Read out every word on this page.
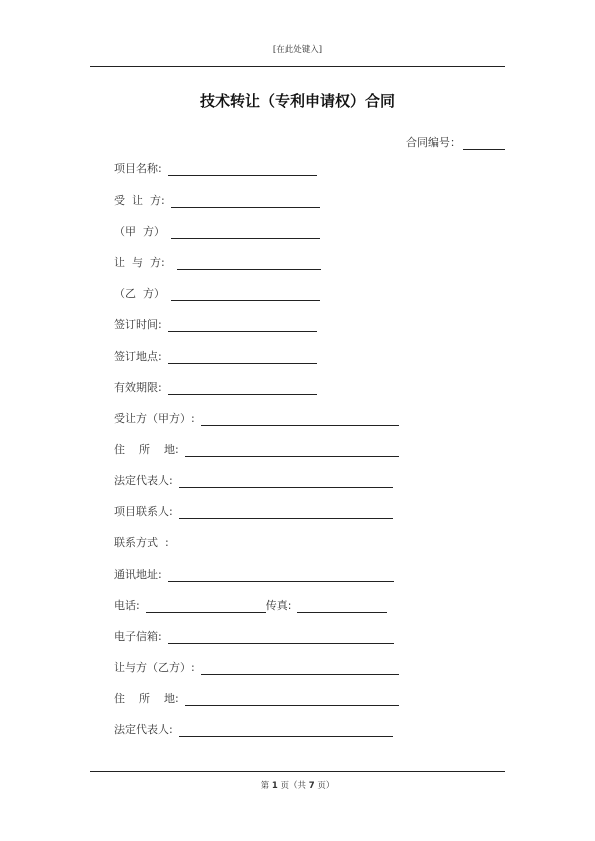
[在此处键入]
技术转让（专利申请权）合同
合同编号：
项目名称:
受  让  方:
（甲  方）
让  与  方:
（乙  方）
签订时间:
签订地点:
有效期限:
受让方（甲方）:
住    所    地:
法定代表人:
项目联系人:
联系方式  :
通讯地址:
电话:	传真:
电子信箱:
让与方（乙方）:
住    所    地:
法定代表人:
第 1 页（共 7 页）
